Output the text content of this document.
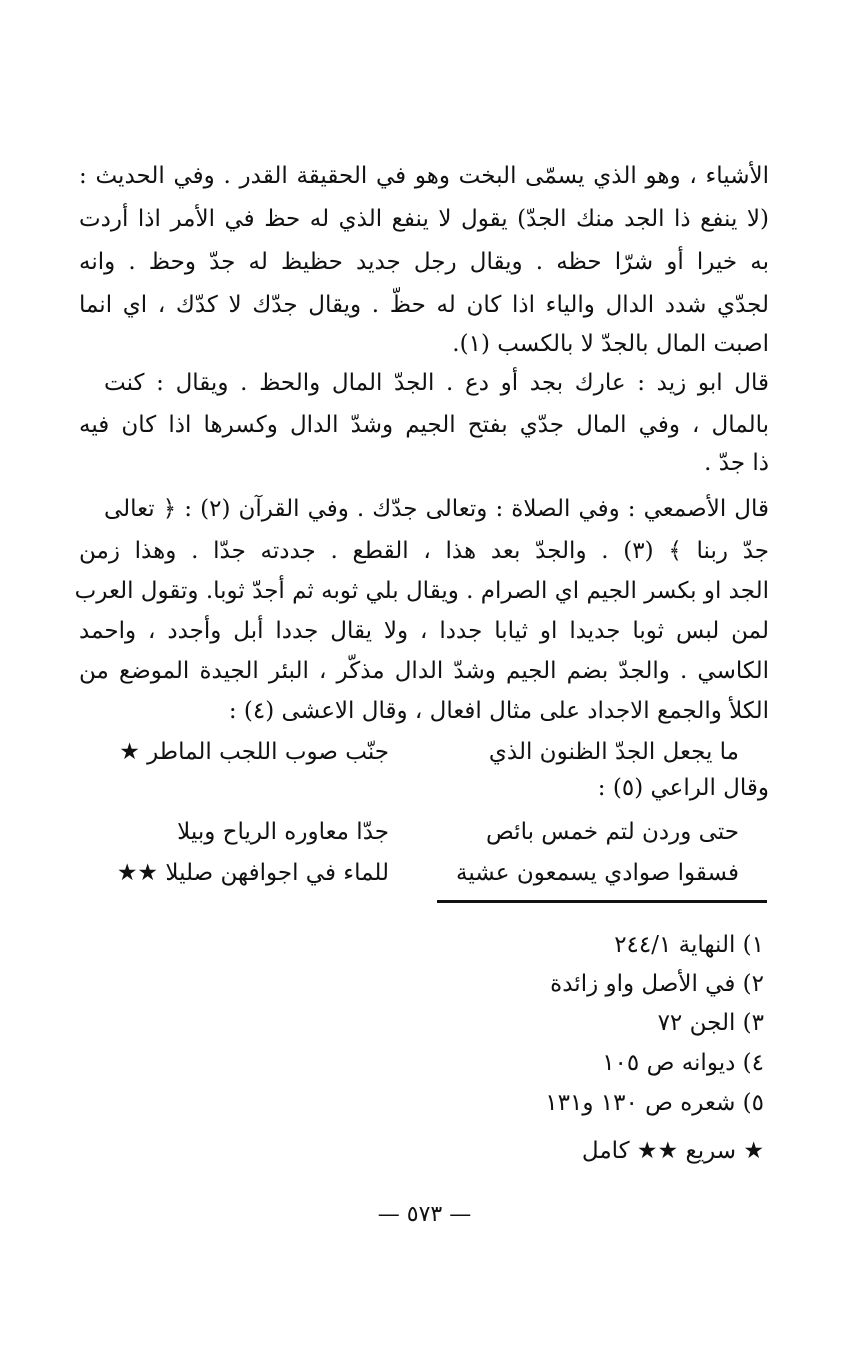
الأشياء ، وهو الذي يسمّى البخت وهو في الحقيقة القدر . وفي الحديث :
(لا ينفع ذا الجد منك الجدّ) يقول لا ينفع الذي له حظ في الأمر اذا أردت
به خيرا أو شرّا حظه . ويقال رجل جديد حظيظ له جدّ وحظ . وانه
لجدّي شدد الدال والياء اذا كان له حظّ . ويقال جدّك لا كدّك ، اي انما
اصبت المال بالجدّ لا بالكسب (١).
قال ابو زيد : عارك بجد أو دع . الجدّ المال والحظ . ويقال : كنت
بالمال ، وفي المال جدّي بفتح الجيم وشدّ الدال وكسرها اذا كان فيه
ذا جدّ .
قال الأصمعي : وفي الصلاة : وتعالى جدّك . وفي القرآن (٢) : ﴿ تعالى
جدّ ربنا ﴾ (٣) . والجدّ بعد هذا ، القطع . جددته جدّا . وهذا زمن
الجد او بكسر الجيم اي الصرام . ويقال بلي ثوبه ثم أجدّ ثوبا. وتقول العرب
لمن لبس ثوبا جديدا او ثيابا جددا ، ولا يقال جددا أبل وأجدد ، واحمد
الكاسي . والجدّ بضم الجيم وشدّ الدال مذكّر ، البئر الجيدة الموضع من
الكلأ والجمع الاجداد على مثال افعال ، وقال الاعشى (٤) :
ما يجعل الجدّ الظنون الذي
جنّب صوب اللجب الماطر ★
وقال الراعي (٥) :
حتى وردن لتم خمس بائص
جدّا معاوره الرياح وبيلا
فسقوا صوادي يسمعون عشية
للماء في اجوافهن صليلا ★★
١) النهاية ٢٤٤/١
٢) في الأصل واو زائدة
٣) الجن ٧٢
٤) ديوانه ص ١٠٥
٥) شعره ص ١٣٠ و١٣١
★ سريع ★★ كامل
— ٥٧٣ —
